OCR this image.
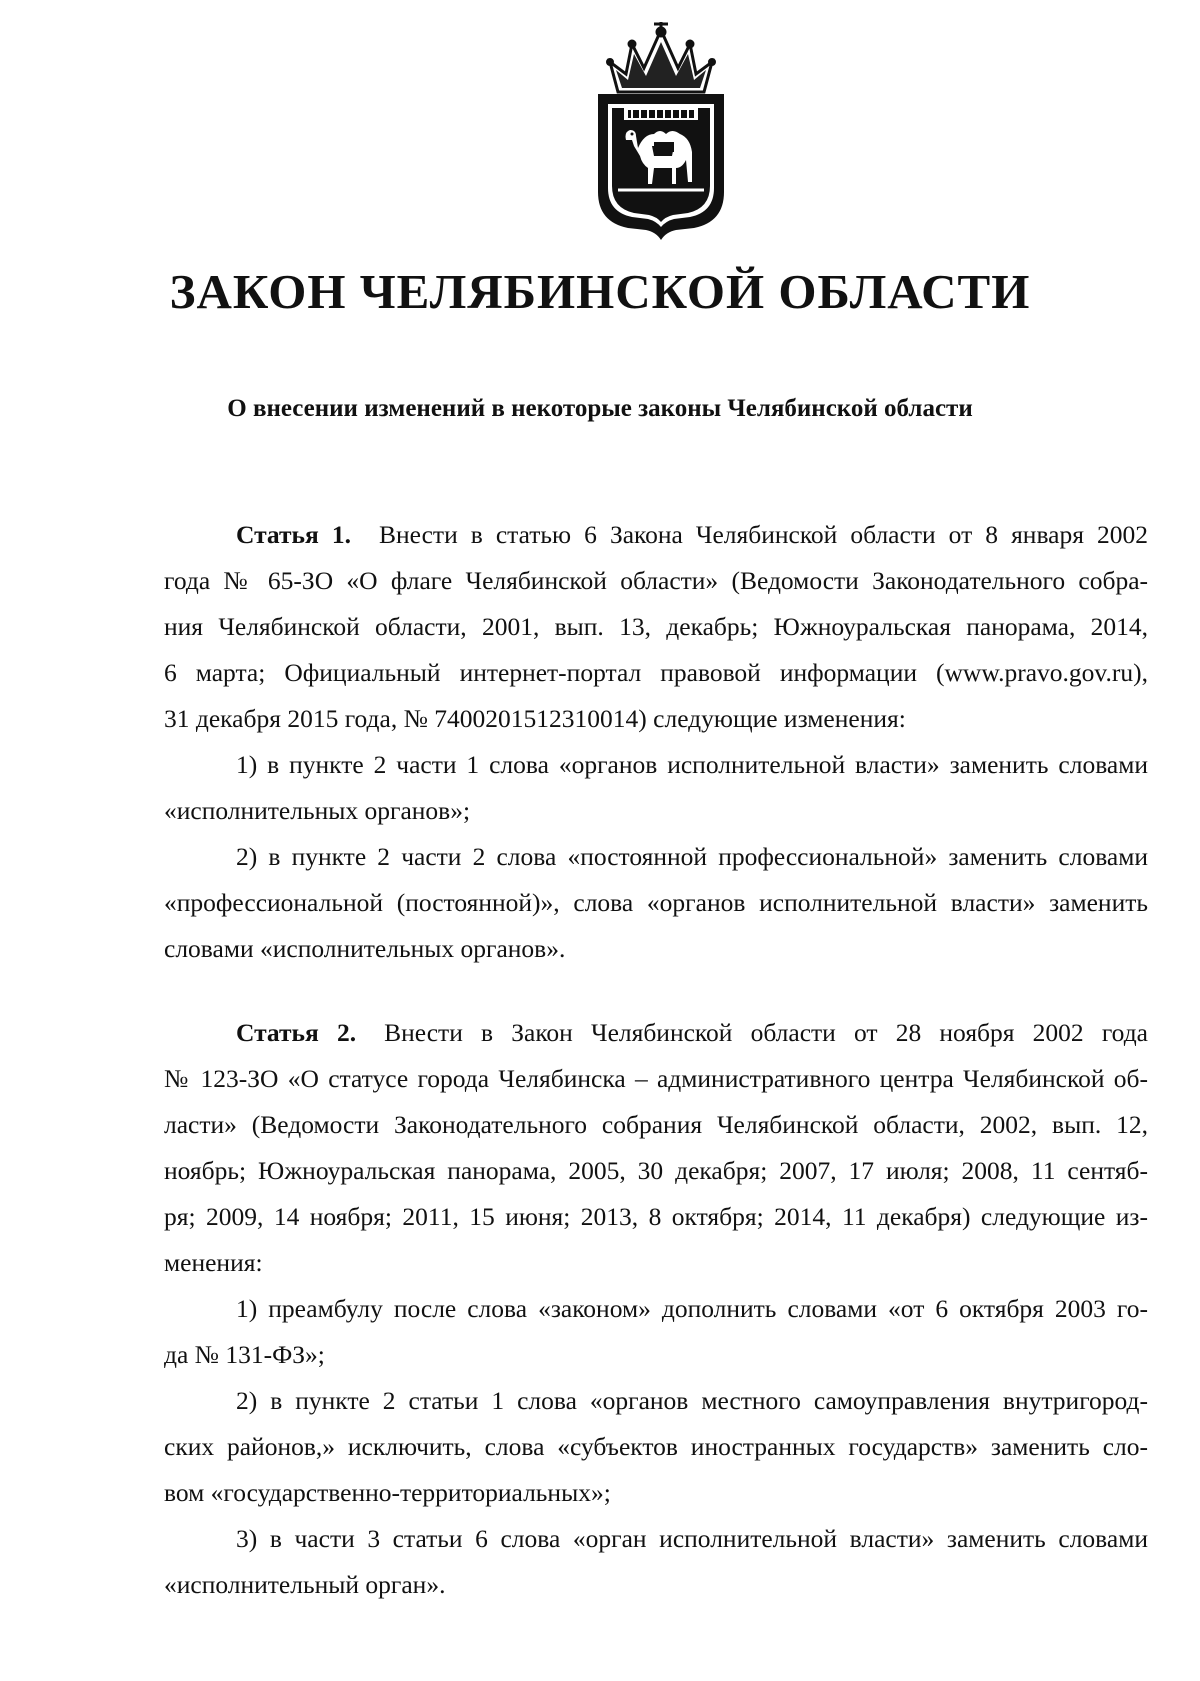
ЗАКОН ЧЕЛЯБИНСКОЙ ОБЛАСТИ
О внесении изменений в некоторые законы Челябинской области
Статья 1. Внести в статью 6 Закона Челябинской области от 8 января 2002
года № 65-ЗО «О флаге Челябинской области» (Ведомости Законодательного собра-
ния Челябинской области, 2001, вып. 13, декабрь; Южноуральская панорама, 2014,
6 марта; Официальный интернет-портал правовой информации (www.pravo.gov.ru),
31 декабря 2015 года, № 7400201512310014) следующие изменения:
1) в пункте 2 части 1 слова «органов исполнительной власти» заменить словами
«исполнительных органов»;
2) в пункте 2 части 2 слова «постоянной профессиональной» заменить словами
«профессиональной (постоянной)», слова «органов исполнительной власти» заменить
словами «исполнительных органов».
Статья 2. Внести в Закон Челябинской области от 28 ноября 2002 года
№ 123-ЗО «О статусе города Челябинска – административного центра Челябинской об-
ласти» (Ведомости Законодательного собрания Челябинской области, 2002, вып. 12,
ноябрь; Южноуральская панорама, 2005, 30 декабря; 2007, 17 июля; 2008, 11 сентяб-
ря; 2009, 14 ноября; 2011, 15 июня; 2013, 8 октября; 2014, 11 декабря) следующие из-
менения:
1) преамбулу после слова «законом» дополнить словами «от 6 октября 2003 го-
да № 131-ФЗ»;
2) в пункте 2 статьи 1 слова «органов местного самоуправления внутригород-
ских районов,» исключить, слова «субъектов иностранных государств» заменить сло-
вом «государственно-территориальных»;
3) в части 3 статьи 6 слова «орган исполнительной власти» заменить словами
«исполнительный орган».
